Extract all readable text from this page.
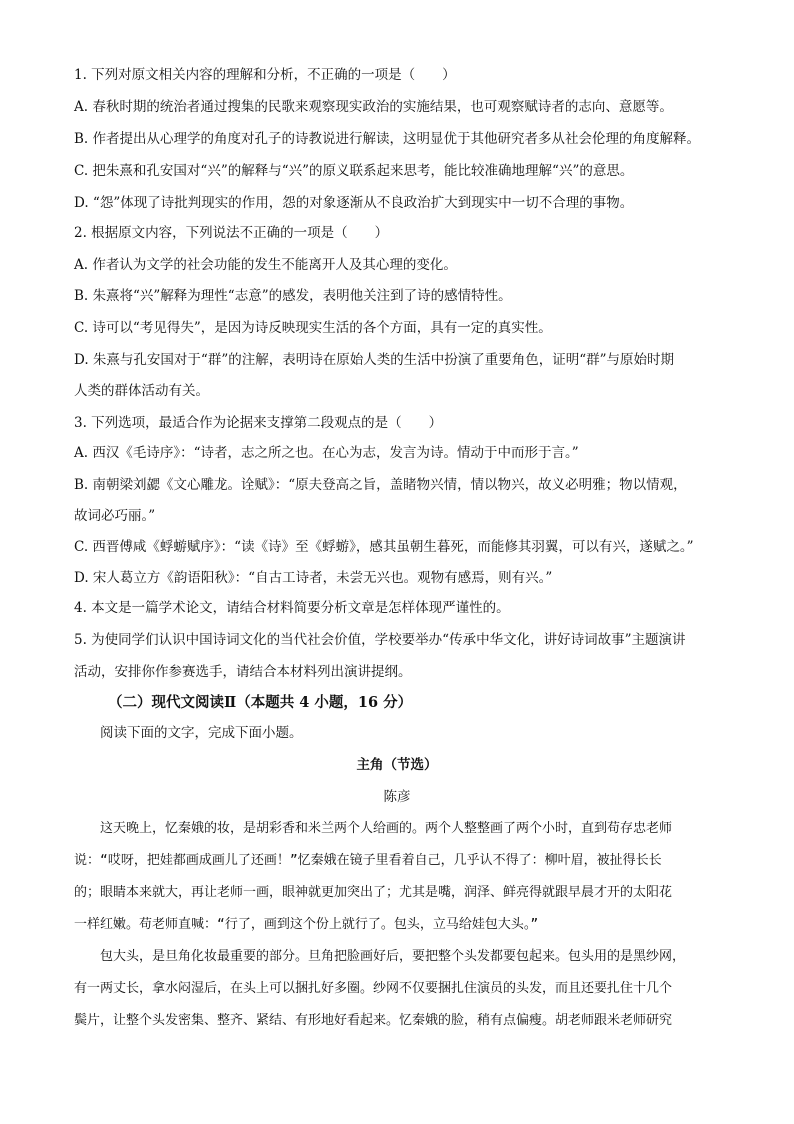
1. 下列对原文相关内容的理解和分析，不正确的一项是（　　）

A. 春秋时期的统治者通过搜集的民歌来观察现实政治的实施结果，也可观察赋诗者的志向、意愿等。

B. 作者提出从心理学的角度对孔子的诗教说进行解读，这明显优于其他研究者多从社会伦理的角度解释。

C. 把朱熹和孔安国对“兴”的解释与“兴”的原义联系起来思考，能比较准确地理解“兴”的意思。

D. “怨”体现了诗批判现实的作用，怨的对象逐渐从不良政治扩大到现实中一切不合理的事物。

2. 根据原文内容，下列说法不正确的一项是（　　）

A. 作者认为文学的社会功能的发生不能离开人及其心理的变化。

B. 朱熹将“兴”解释为理性“志意”的感发，表明他关注到了诗的感情特性。

C. 诗可以“考见得失”，是因为诗反映现实生活的各个方面，具有一定的真实性。

D. 朱熹与孔安国对于“群”的注解，表明诗在原始人类的生活中扮演了重要角色，证明“群”与原始时期

人类的群体活动有关。

3. 下列选项，最适合作为论据来支撑第二段观点的是（　　）

A. 西汉《毛诗序》：“诗者，志之所之也。在心为志，发言为诗。情动于中而形于言。”

B. 南朝梁刘勰《文心雕龙。诠赋》：“原夫登高之旨，盖睹物兴情，情以物兴，故义必明雅；物以情观，

故词必巧丽。”

C. 西晋傅咸《蜉蝣赋序》：“读《诗》至《蜉蝣》，感其虽朝生暮死，而能修其羽翼，可以有兴，遂赋之。”

D. 宋人葛立方《韵语阳秋》：“自古工诗者，未尝无兴也。观物有感焉，则有兴。”

4. 本文是一篇学术论文，请结合材料简要分析文章是怎样体现严谨性的。

5. 为使同学们认识中国诗词文化的当代社会价值，学校要举办“传承中华文化，讲好诗词故事”主题演讲

活动，安排你作参赛选手，请结合本材料列出演讲提纲。

（二）现代文阅读Ⅱ（本题共 4 小题，16 分）

阅读下面的文字，完成下面小题。

主角（节选）

陈彦

这天晚上，忆秦娥的妆，是胡彩香和米兰两个人给画的。两个人整整画了两个小时，直到苟存忠老师

说：“哎呀，把娃都画成画儿了还画！”忆秦娥在镜子里看着自己，几乎认不得了：柳叶眉，被扯得长长

的；眼睛本来就大，再让老师一画，眼神就更加突出了；尤其是嘴，润泽、鲜亮得就跟早晨才开的太阳花

一样红嫩。苟老师直喊：“行了，画到这个份上就行了。包头，立马给娃包大头。”

包大头，是旦角化妆最重要的部分。旦角把脸画好后，要把整个头发都要包起来。包头用的是黑纱网，

有一两丈长，拿水闷湿后，在头上可以捆扎好多圈。纱网不仅要捆扎住演员的头发，而且还要扎住十几个

鬓片，让整个头发密集、整齐、紧结、有形地好看起来。忆秦娥的脸，稍有点偏瘦。胡老师跟米老师研究
